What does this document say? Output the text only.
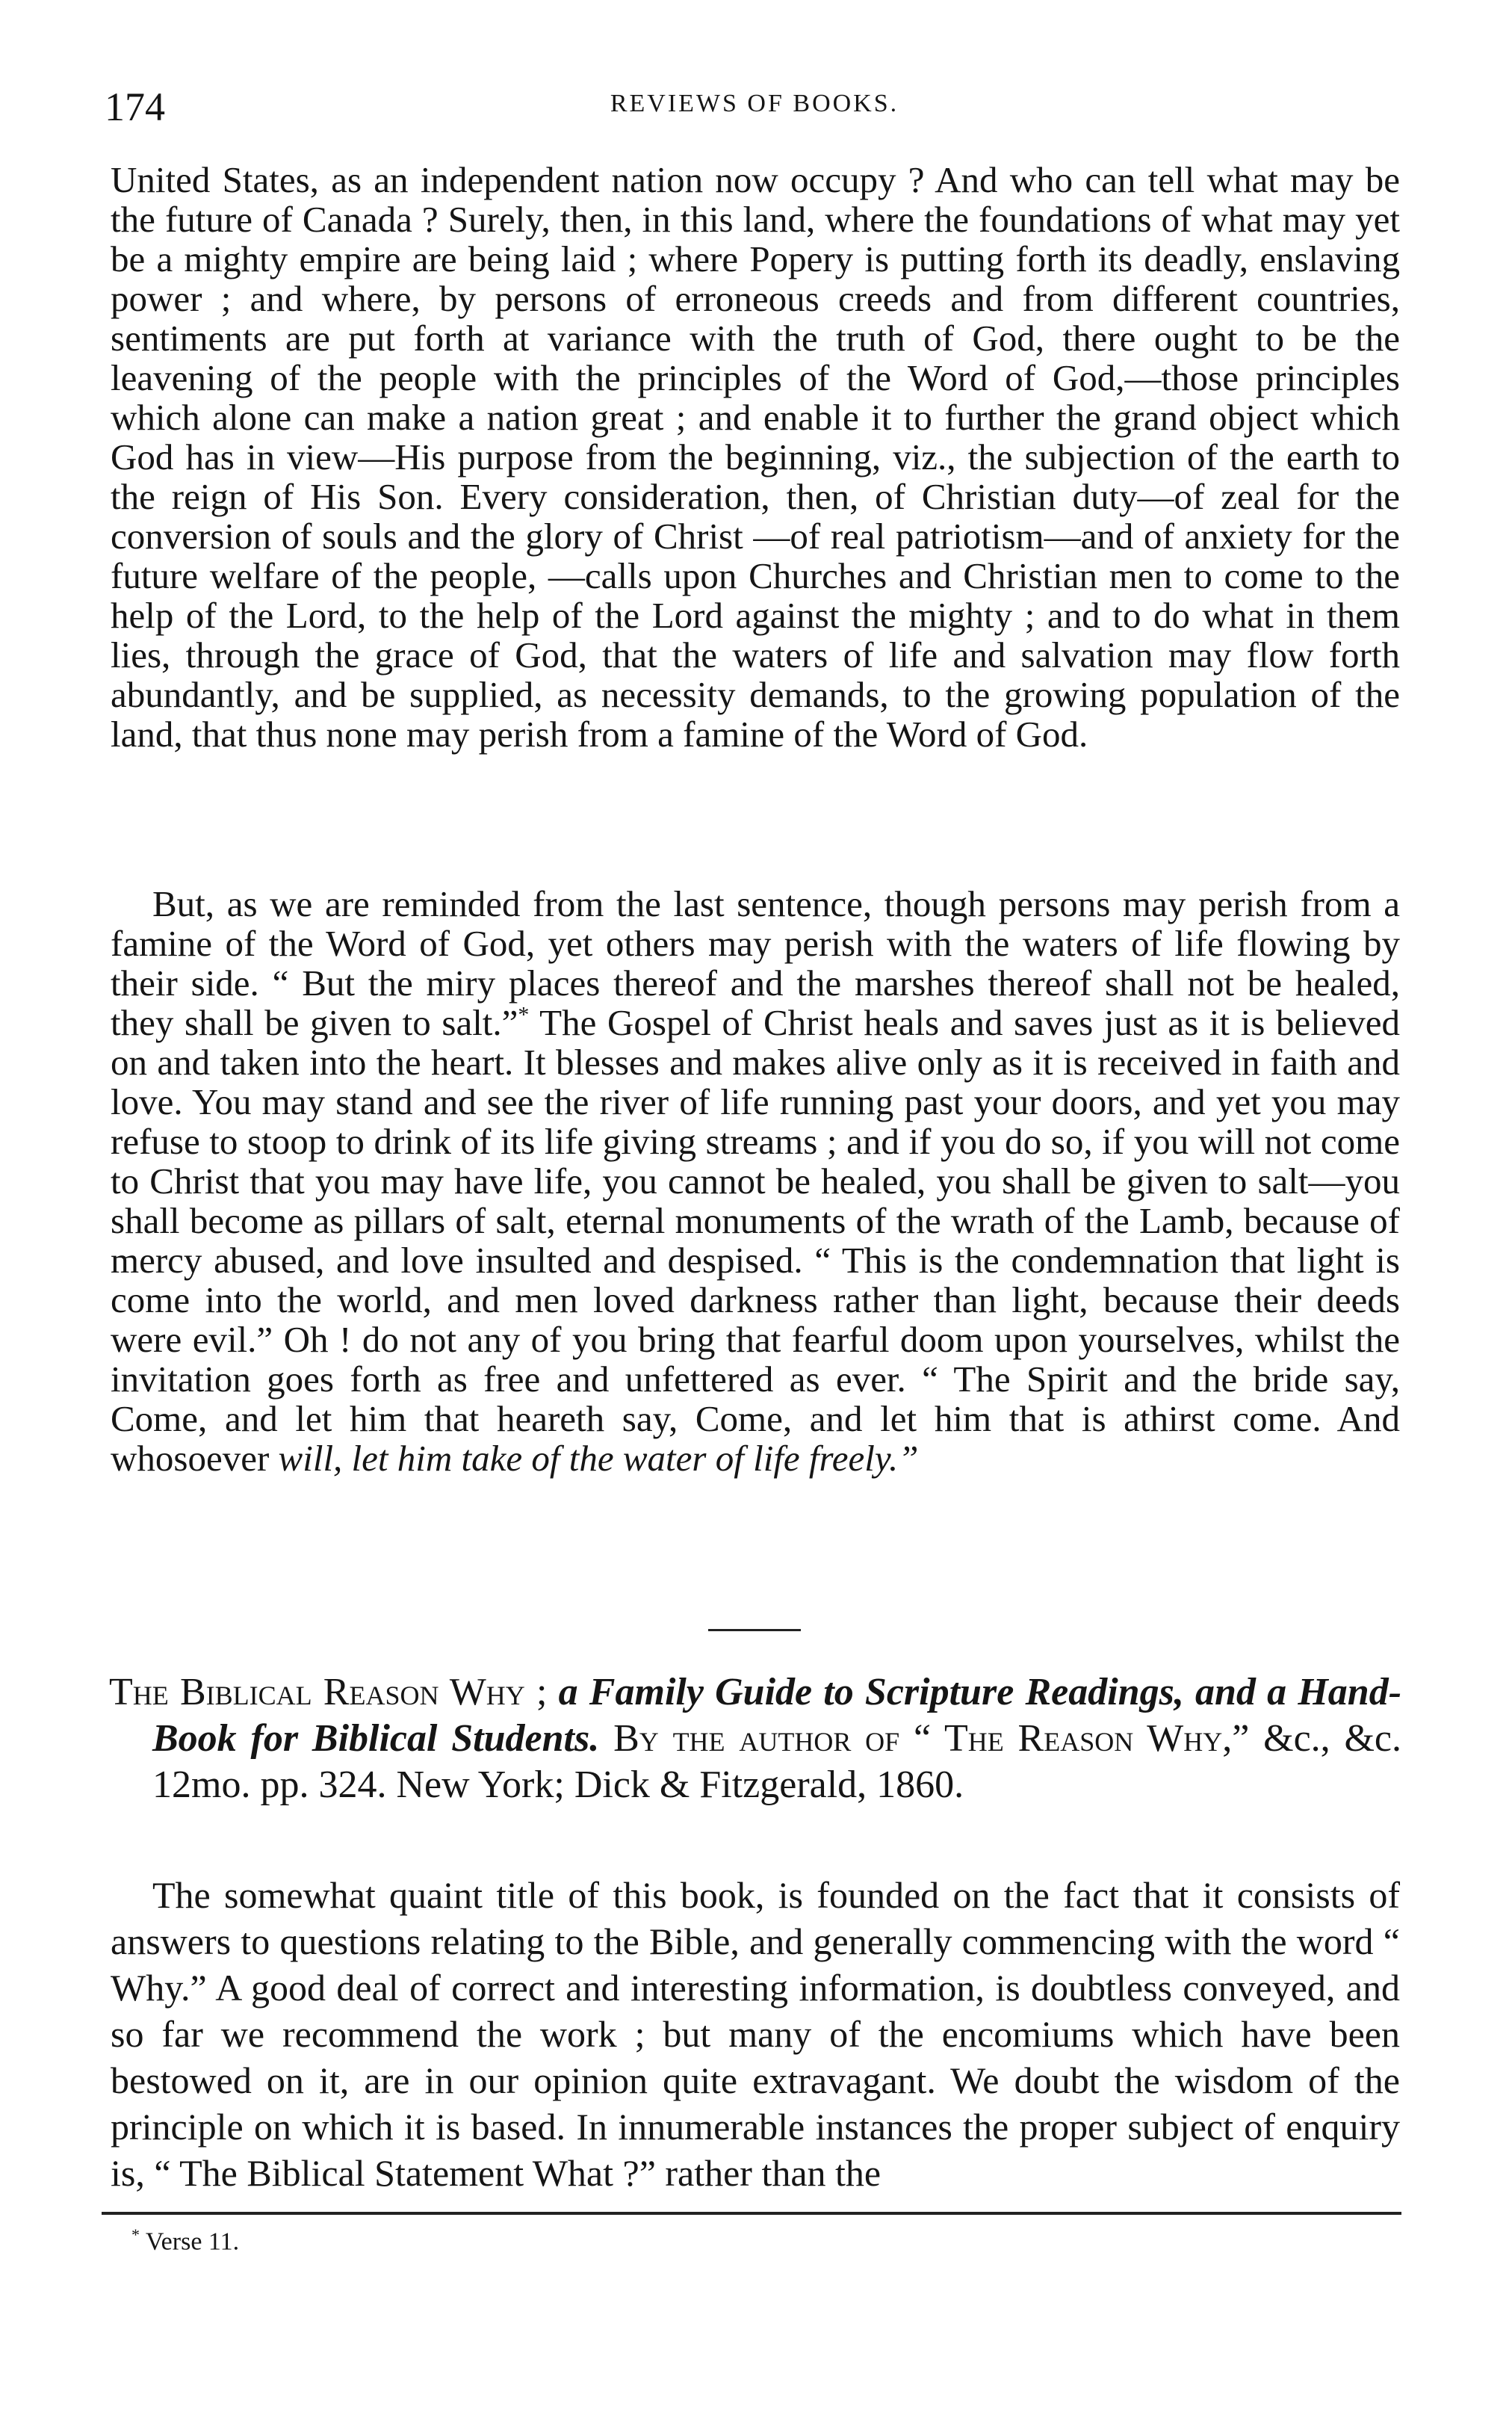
174	REVIEWS OF BOOKS.

United States, as an independent nation now occupy ? And who can tell what may be the future of Canada ? Surely, then, in this land, where the foundations of what may yet be a mighty empire are being laid ; where Popery is putting forth its deadly, enslaving power ; and where, by persons of erroneous creeds and from different countries, sentiments are put forth at variance with the truth of God, there ought to be the leavening of the people with the principles of the Word of God,—those principles which alone can make a nation great ; and enable it to further the grand object which God has in view—His purpose from the beginning, viz., the subjection of the earth to the reign of His Son. Every consideration, then, of Christian duty—of zeal for the conversion of souls and the glory of Christ —of real patriotism—and of anxiety for the future welfare of the people, —calls upon Churches and Christian men to come to the help of the Lord, to the help of the Lord against the mighty ; and to do what in them lies, through the grace of God, that the waters of life and salvation may flow forth abundantly, and be supplied, as necessity demands, to the growing population of the land, that thus none may perish from a famine of the Word of God.

But, as we are reminded from the last sentence, though persons may perish from a famine of the Word of God, yet others may perish with the waters of life flowing by their side. “ But the miry places thereof and the marshes thereof shall not be healed, they shall be given to salt.”* The Gospel of Christ heals and saves just as it is believed on and taken into the heart. It blesses and makes alive only as it is received in faith and love. You may stand and see the river of life running past your doors, and yet you may refuse to stoop to drink of its life giving streams ; and if you do so, if you will not come to Christ that you may have life, you cannot be healed, you shall be given to salt—you shall become as pillars of salt, eternal monuments of the wrath of the Lamb, because of mercy abused, and love insulted and despised. “ This is the condemnation that light is come into the world, and men loved darkness rather than light, because their deeds were evil.” Oh ! do not any of you bring that fearful doom upon yourselves, whilst the invitation goes forth as free and unfettered as ever. “ The Spirit and the bride say, Come, and let him that heareth say, Come, and let him that is athirst come. And whosoever will, let him take of the water of life freely.”

The Biblical Reason Why ; a Family Guide to Scripture Readings, and a Hand-Book for Biblical Students. By the author of “ The Reason Why,” &c., &c. 12mo. pp. 324. New York; Dick & Fitzgerald, 1860.

The somewhat quaint title of this book, is founded on the fact that it consists of answers to questions relating to the Bible, and generally commencing with the word “ Why.” A good deal of correct and interesting information, is doubtless conveyed, and so far we recommend the work ; but many of the encomiums which have been bestowed on it, are in our opinion quite extravagant. We doubt the wisdom of the principle on which it is based. In innumerable instances the proper subject of enquiry is, “ The Biblical Statement What ?” rather than the

* Verse 11.
